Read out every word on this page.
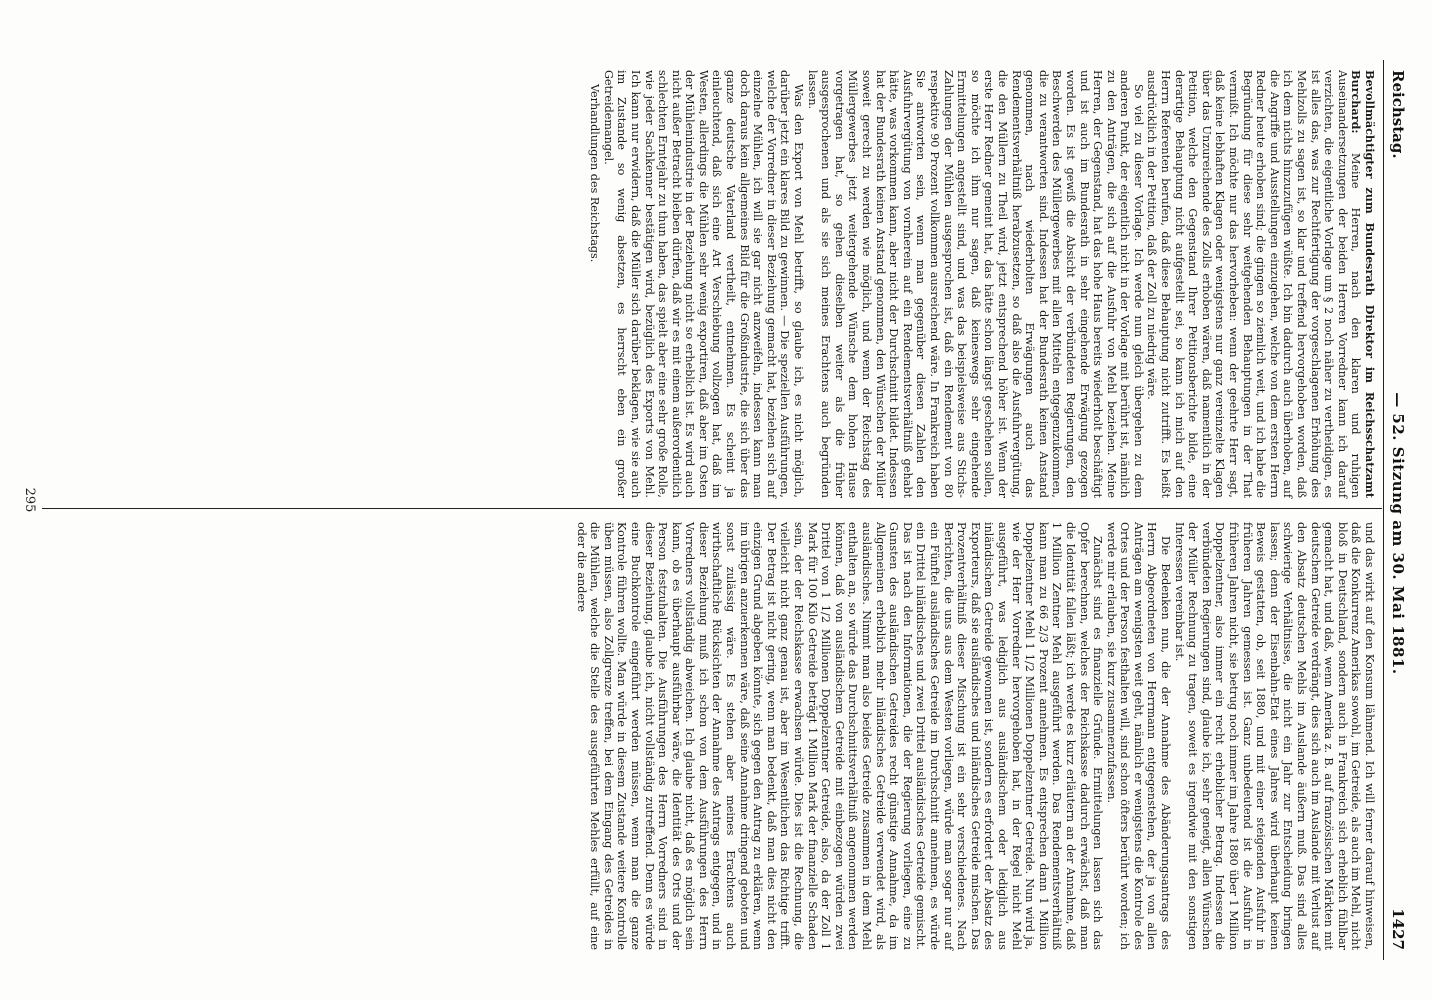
Reichstag.
— 52. Sitzung am 30. Mai 1881.
1427

Bevollmächtigter zum Bundesrath Direktor im Reichsschatzamt Burchard: Meine Herren, nach den klaren und ruhigen Auseinandersetzungen der beiden Herren Vorredner kann ich darauf verzichten, die eigentliche Vorlage um § 2 noch näher zu vertheidigen, es ist alles das, was zur Rechtfertigung der vorgeschlagenen Erhöhung des Mehlzolls zu sagen ist, so klar und treffend hervorgehoben worden, daß ich dem nichts hinzuzufügen wüßte. Ich bin dadurch auch überhoben, auf die Angriffe und Ausstellungen einzugehen, welche von dem ersten Herrn Redner heute erhoben sind; die gingen so ziemlich weit, und ich habe die Begründung für diese sehr weitgehenden Behauptungen in der That vermißt. Ich möchte nur das hervorheben: wenn der geehrte Herr sagt, daß keine lebhaften Klagen oder wenigstens nur ganz vereinzelte Klagen über das Unzureichende des Zolls erhoben wären, daß namentlich in der Petition, welche den Gegenstand Ihrer Petitionsberichte bilde, eine derartige Behauptung nicht aufgestellt sei, so kann ich mich auf den Herrn Referenten berufen, daß diese Behauptung nicht zutrifft. Es heißt ausdrücklich in der Petition, daß der Zoll zu niedrig wäre.

So viel zu dieser Vorlage. Ich werde nun gleich übergehen zu dem anderen Punkt, der eigentlich nicht in der Vorlage mit berührt ist, nämlich zu den Anträgen, die sich auf die Ausfuhr von Mehl beziehen. Meine Herren, der Gegenstand, hat das hohe Haus bereits wiederholt beschäftigt und ist auch im Bundesrath in sehr eingehende Erwägung gezogen worden. Es ist gewiß die Absicht der verbündeten Regierungen, den Beschwerden des Müllergewerbes mit allen Mitteln entgegenzukommen, die zu verantworten sind. Indessen hat der Bundesrath keinen Anstand genommen, nach wiederholten Erwägungen auch das Rendementsverhältniß herabzusetzen, so daß also die Ausfuhrvergütung, die den Müllern zu Theil wird, jetzt entsprechend höher ist. Wenn der erste Herr Redner gemeint hat, das hätte schon längst geschehen sollen, so möchte ich ihm nur sagen, daß keineswegs sehr eingehende Ermittelungen angestellt sind, und was das beispielsweise aus Stichs-Zahlungen der Mühlen ausgesprochen ist, daß ein Rendement von 80 respektive 90 Prozent vollkommen ausreichend wäre. In Frankreich haben Sie antworten sein, wenn man gegenüber diesen Zahlen den Ausfuhrvergütung von vornherein auf ein Rendementsverhältniß gehabt hätte, was vorkommen kann, aber nicht der Durchschnitt bildet. Indessen hat der Bundesrath keinen Anstand genommen, den Wünschen der Müller soweit gerecht zu werden wie möglich, und wenn der Reichstag des Müllergewerbes jetzt weitergehende Wünsche dem hohen Hause vorgetragen hat, so gehen dieselben weiter als die früher ausgesprochenen und als sie sich meines Erachtens auch begründen lassen.

Was den Export von Mehl betrifft, so glaube ich, es nicht möglich, darüber jetzt ein klares Bild zu gewinnen. — Die speziellen Ausführungen, welche der Vorredner in dieser Beziehung gemacht hat, beziehen sich auf einzelne Mühlen, ich will sie gar nicht anzweifeln, indessen kann man doch daraus kein allgemeines Bild für die Großindustrie, die sich über das ganze deutsche Vaterland vertheilt, entnehmen. Es scheint ja einleuchtend, daß sich eine Art Verschiebung vollzogen hat, daß im Westen, allerdings die Mühlen sehr wenig exportiren, daß aber im Osten der Mühlenindustrie in der Beziehung nicht so erheblich ist. Es wird auch nicht außer Betracht bleiben dürfen, daß wir es mit einem außerordentlich schlechten Erntejahr zu thun haben, das spielt aber eine sehr große Rolle, wie jeder Sachkenner bestätigen wird, bezüglich des Exports von Mehl. Ich kann nur erwidern, daß die Müller sich darüber beklagen, wie sie auch im Zustande so wenig absetzen, es herrscht eben ein großer Getreidemangel.

Verhandlungen des Reichstags.

und das wirkt auf den Konsum lähmend. Ich will ferner darauf hinweisen, daß die Konkurrenz Amerikas sowohl, im Getreide, als auch im Mehl, nicht bloß in Deutschland, sondern auch in Frankreich sich erheblich fühlbar gemacht hat, und daß, wenn Amerika z. B. auf französischen Märkten mit deutschem Getreide verdrängt, dies sich auch im Auslande mit Verlust auf den Absatz deutschen Mehls im Auslande äußern muß. Das sind alles schwierige Verhältnisse, die nicht ein Jahr zur Entscheidung bringen lassen; denn der Eisenbahn-Etat eines Jahres wird überhaupt keinen Beweis gestatten, ob, seit 1880, und mit einer steigenden Ausfuhr in früheren Jahren gemessen ist. Ganz unbedeutend ist die Ausfuhr in früheren Jahren nicht, sie betrug noch immer im Jahre 1880 über 1 Million Doppelzentner, also immer ein recht erheblicher Betrag. Indessen die verbündeten Regierungen sind, glaube ich, sehr geneigt, allen Wünschen der Müller Rechnung zu tragen, soweit es irgendwie mit den sonstigen Interessen vereinbar ist.

Die Bedenken nun, die der Annahme des Abänderungsantrags des Herrn Abgeordneten von Herrmann entgegenstehen, der ja von allen Anträgen am wenigsten weit geht, nämlich er wenigstens die Kontrole des Ortes und der Person festhalten will, sind schon öfters berührt worden; ich werde mir erlauben, sie kurz zusammenzufassen.

Zunächst sind es finanzielle Gründe. Ermittelungen lassen sich das Opfer berechnen, welches der Reichskasse dadurch erwächst, daß man die Identität fallen läßt; ich werde es kurz erläutern an der Annahme, daß 1 Million Zentner Mehl ausgeführt werden. Das Rendementsverhältniß kann man zu 66 2/3 Prozent annehmen. Es entsprechen dann 1 Million Doppelzentner Mehl 1 1/2 Millionen Doppelzentner Getreide. Nun wird ja, wie der Herr Vorredner hervorgehoben hat, in der Regel nicht Mehl ausgeführt, was lediglich aus ausländischem oder lediglich aus inländischem Getreide gewonnen ist, sondern es erfordert der Absatz des Exporteurs, daß sie ausländisches und inländisches Getreide mischen. Das Prozentverhältniß dieser Mischung ist ein sehr verschiedenes. Nach Berichten, die uns aus dem Westen vorliegen, würde man sogar nur auf ein Fünftel ausländisches Getreide im Durchschnitt annehmen, es würde ein Drittel inländisches und zwei Drittel ausländisches Getreide gemischt. Das ist nach den Informationen, die der Regierung vorliegen, eine zu Gunsten des ausländischen Getreides recht günstige Annahme, da im Allgemeinen erheblich mehr inländisches Getreide verwendet wird, als ausländisches. Nimmt man also beides Getreide zusammen in dem Mehl enthalten an, so würde das Durchschnittsverhältniß angenommen werden können, daß von ausländischem Getreide mit einbezogen würden zwei Drittel von 1 1/2 Millionen Doppelzentner Getreide, also, da der Zoll 1 Mark für 100 Kilo Getreide beträgt 1 Million Mark der finanzielle Schaden sein, der der Reichskasse erwachsen würde. Dies ist die Rechnung, die vielleicht nicht ganz genau ist, aber im Wesentlichen das Richtige trifft. Der Betrag ist nicht gering, wenn man bedenkt, daß man dies nicht den einzigen Grund abgeben könnte, sich gegen den Antrag zu erklären, wenn im übrigen anzuerkennen wäre, daß seine Annahme dringend geboten und sonst zulässig wäre. Es stehen aber meines Erachtens auch wirthschaftliche Rücksichten der Annahme des Antrags entgegen, und in dieser Beziehung muß ich schon von dem Ausführungen des Herrn Vorredners vollständig abweichen. Ich glaube nicht, daß es möglich sein kann, ob es überhaupt ausführbar wäre, die Identität des Orts und der Person festzuhalten. Die Ausführungen des Herrn Vorredners sind in dieser Beziehung, glaube ich, nicht vollständig zutreffend. Denn es würde eine Buchkontrole eingeführt werden müssen, wenn man die ganze Kontrole führen wollte. Man würde in diesem Zustande weitere Kontrolle üben müssen, also Zollgrenze treffen, bei dem Eingang des Getreides in die Mühlen, welche die Stelle des ausgeführten Mehles erfüllt, auf eine oder die andere

295
